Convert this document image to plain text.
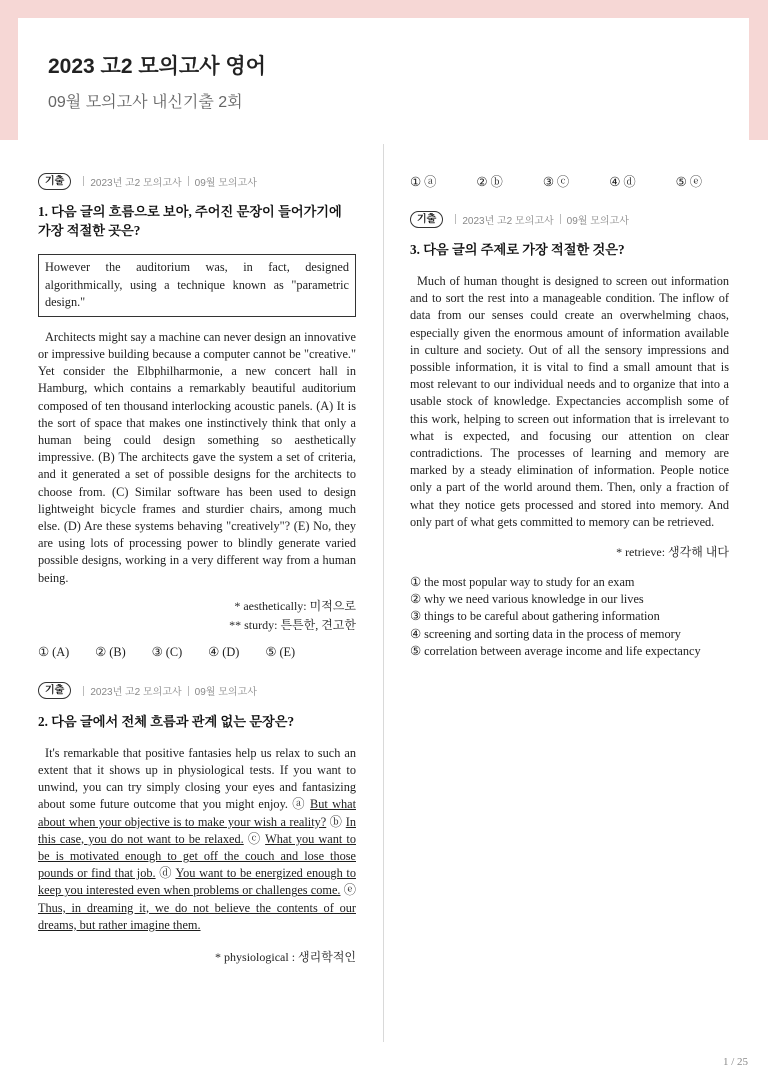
2023 고2 모의고사 영어
09월 모의고사 내신기출 2회
기출	2023년 고2 모의고사 09월 모의고사
1. 다음 글의 흐름으로 보아, 주어진 문장이 들어가기에 가장 적절한 곳은?
However the auditorium was, in fact, designed algorithmically, using a technique known as "parametric design."
Architects might say a machine can never design an innovative or impressive building because a computer cannot be "creative." Yet consider the Elbphilharmonie, a new concert hall in Hamburg, which contains a remarkably beautiful auditorium composed of ten thousand interlocking acoustic panels. (A) It is the sort of space that makes one instinctively think that only a human being could design something so aesthetically impressive. (B) The architects gave the system a set of criteria, and it generated a set of possible designs for the architects to choose from. (C) Similar software has been used to design lightweight bicycle frames and sturdier chairs, among much else. (D) Are these systems behaving "creatively"? (E) No, they are using lots of processing power to blindly generate varied possible designs, working in a very different way from a human being.
* aesthetically: 미적으로
** sturdy: 튼튼한, 견고한
① (A) ② (B) ③ (C) ④ (D) ⑤ (E)
기출	2023년 고2 모의고사 09월 모의고사
2. 다음 글에서 전체 흐름과 관계 없는 문장은?
It's remarkable that positive fantasies help us relax to such an extent that it shows up in physiological tests. If you want to unwind, you can try simply closing your eyes and fantasizing about some future outcome that you might enjoy. ⓐ But what about when your objective is to make your wish a reality? ⓑ In this case, you do not want to be relaxed. ⓒ What you want to be is motivated enough to get off the couch and lose those pounds or find that job. ⓓ You want to be energized enough to keep you interested even when problems or challenges come. ⓔ Thus, in dreaming it, we do not believe the contents of our dreams, but rather imagine them.
* physiological : 생리학적인
① ⓐ	② ⓑ	③ ⓒ	④ ⓓ	⑤ ⓔ
기출	2023년 고2 모의고사 09월 모의고사
3. 다음 글의 주제로 가장 적절한 것은?
Much of human thought is designed to screen out information and to sort the rest into a manageable condition. The inflow of data from our senses could create an overwhelming chaos, especially given the enormous amount of information available in culture and society. Out of all the sensory impressions and possible information, it is vital to find a small amount that is most relevant to our individual needs and to organize that into a usable stock of knowledge. Expectancies accomplish some of this work, helping to screen out information that is irrelevant to what is expected, and focusing our attention on clear contradictions. The processes of learning and memory are marked by a steady elimination of information. People notice only a part of the world around them. Then, only a fraction of what they notice gets processed and stored into memory. And only part of what gets committed to memory can be retrieved.
* retrieve: 생각해 내다
① the most popular way to study for an exam
② why we need various knowledge in our lives
③ things to be careful about gathering information
④ screening and sorting data in the process of memory
⑤ correlation between average income and life expectancy
1 / 25
